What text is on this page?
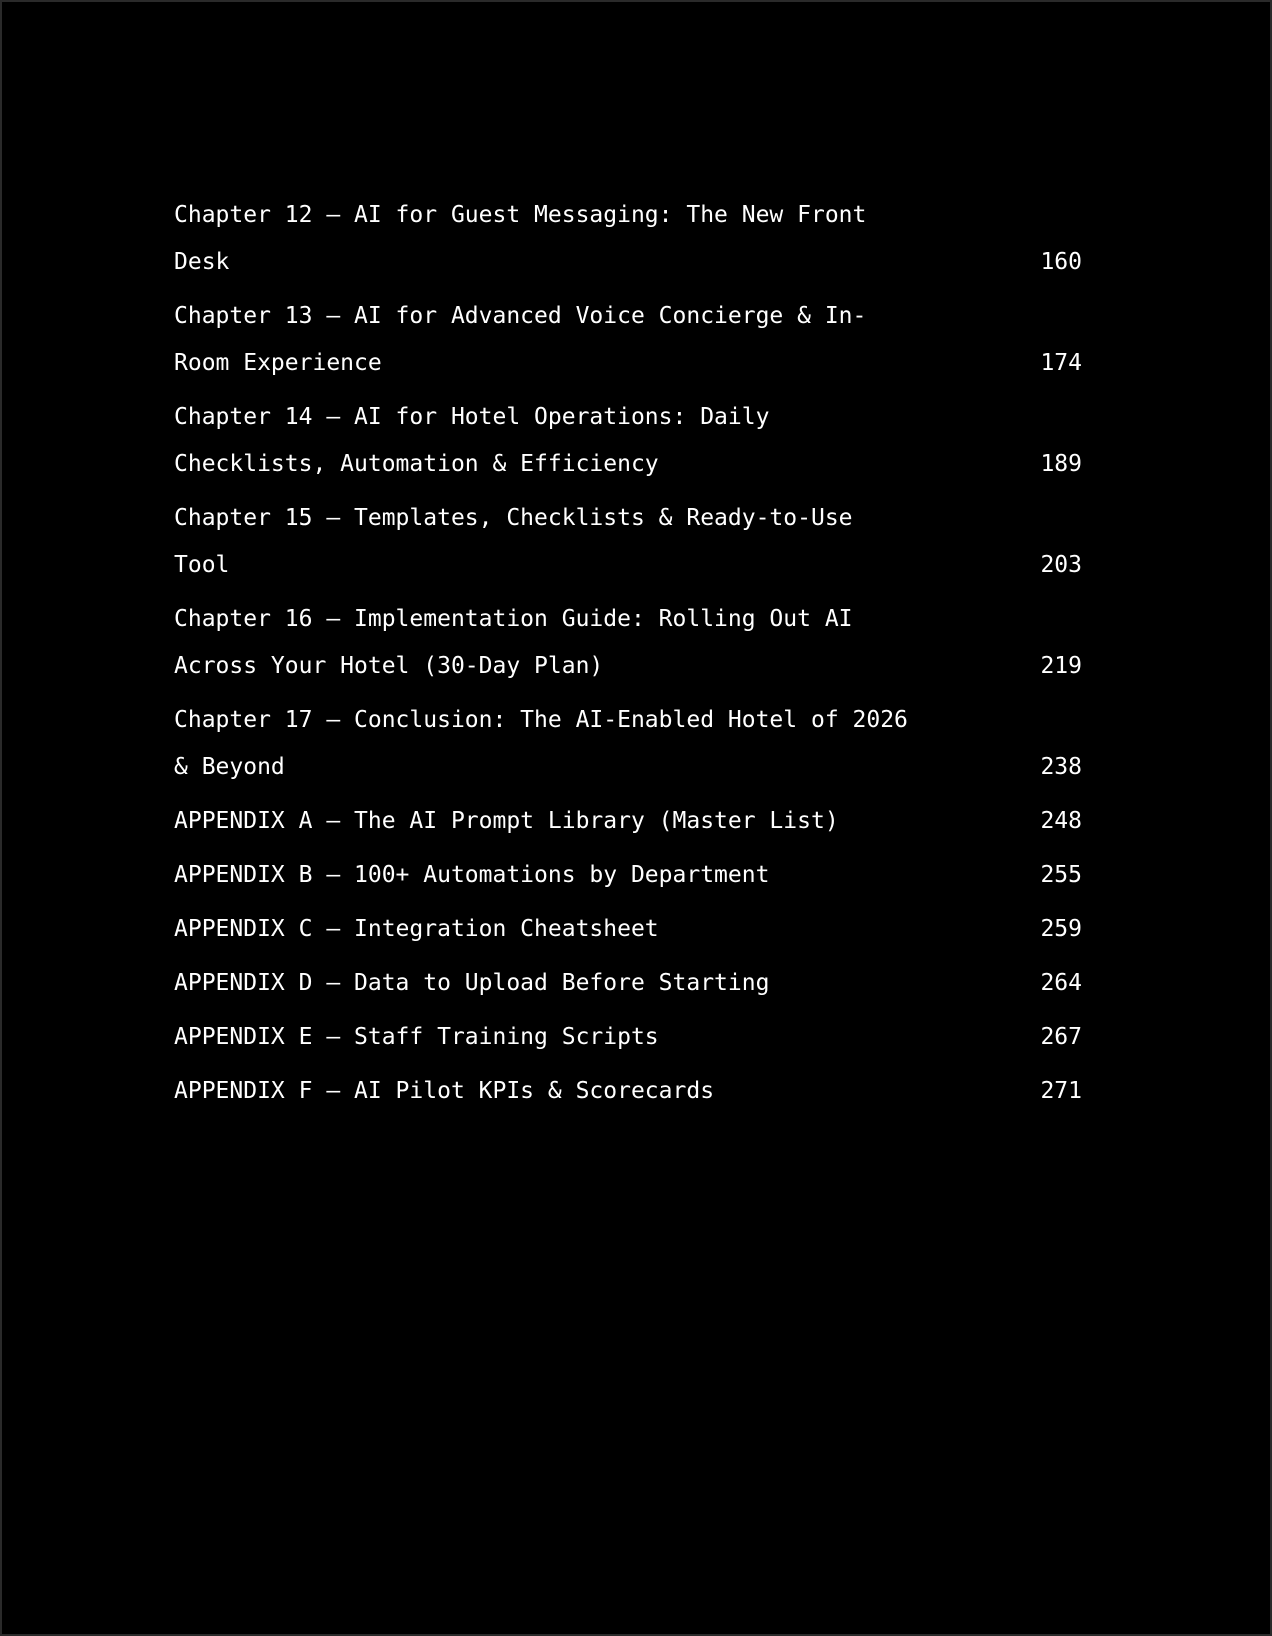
Chapter 12 — AI for Guest Messaging: The New Front Desk	160
Chapter 13 — AI for Advanced Voice Concierge & In-Room Experience	174
Chapter 14 — AI for Hotel Operations: Daily Checklists, Automation & Efficiency	189
Chapter 15 — Templates, Checklists & Ready-to-Use Tool	203
Chapter 16 — Implementation Guide: Rolling Out AI Across Your Hotel (30-Day Plan)	219
Chapter 17 — Conclusion: The AI-Enabled Hotel of 2026 & Beyond	238
APPENDIX A — The AI Prompt Library (Master List)	248
APPENDIX B — 100+ Automations by Department	255
APPENDIX C — Integration Cheatsheet	259
APPENDIX D — Data to Upload Before Starting	264
APPENDIX E — Staff Training Scripts	267
APPENDIX F — AI Pilot KPIs & Scorecards	271
